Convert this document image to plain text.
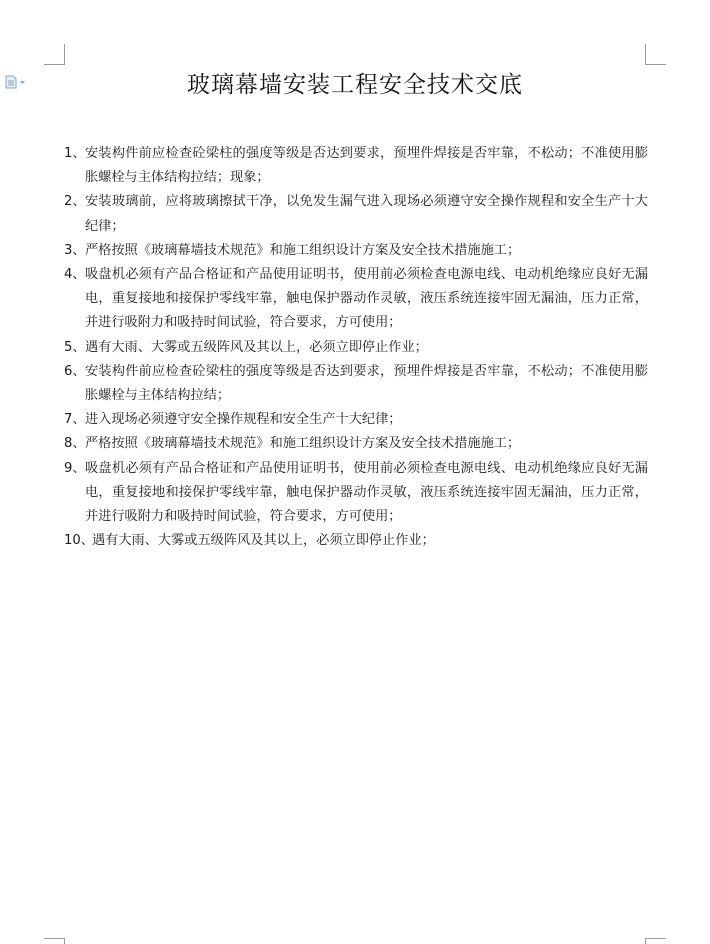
玻璃幕墙安装工程安全技术交底
1、 安装构件前应检查砼梁柱的强度等级是否达到要求，预埋件焊接是否牢靠，不松动；不准使用膨胀螺栓与主体结构拉结；现象；
2、 安装玻璃前，应将玻璃擦拭干净，以免发生漏气进入现场必须遵守安全操作规程和安全生产十大纪律；
3、 严格按照《玻璃幕墙技术规范》和施工组织设计方案及安全技术措施施工；
4、 吸盘机必须有产品合格证和产品使用证明书，使用前必须检查电源电线、电动机绝缘应良好无漏电，重复接地和接保护零线牢靠，触电保护器动作灵敏，液压系统连接牢固无漏油，压力正常，并进行吸附力和吸持时间试验，符合要求，方可使用；
5、 遇有大雨、大雾或五级阵风及其以上，必须立即停止作业；
6、 安装构件前应检查砼梁柱的强度等级是否达到要求，预埋件焊接是否牢靠，不松动；不准使用膨胀螺栓与主体结构拉结；
7、 进入现场必须遵守安全操作规程和安全生产十大纪律；
8、 严格按照《玻璃幕墙技术规范》和施工组织设计方案及安全技术措施施工；
9、 吸盘机必须有产品合格证和产品使用证明书，使用前必须检查电源电线、电动机绝缘应良好无漏电，重复接地和接保护零线牢靠，触电保护器动作灵敏，液压系统连接牢固无漏油，压力正常，并进行吸附力和吸持时间试验，符合要求，方可使用；
10、
遇有大雨、大雾或五级阵风及其以上，必须立即停止作业；
